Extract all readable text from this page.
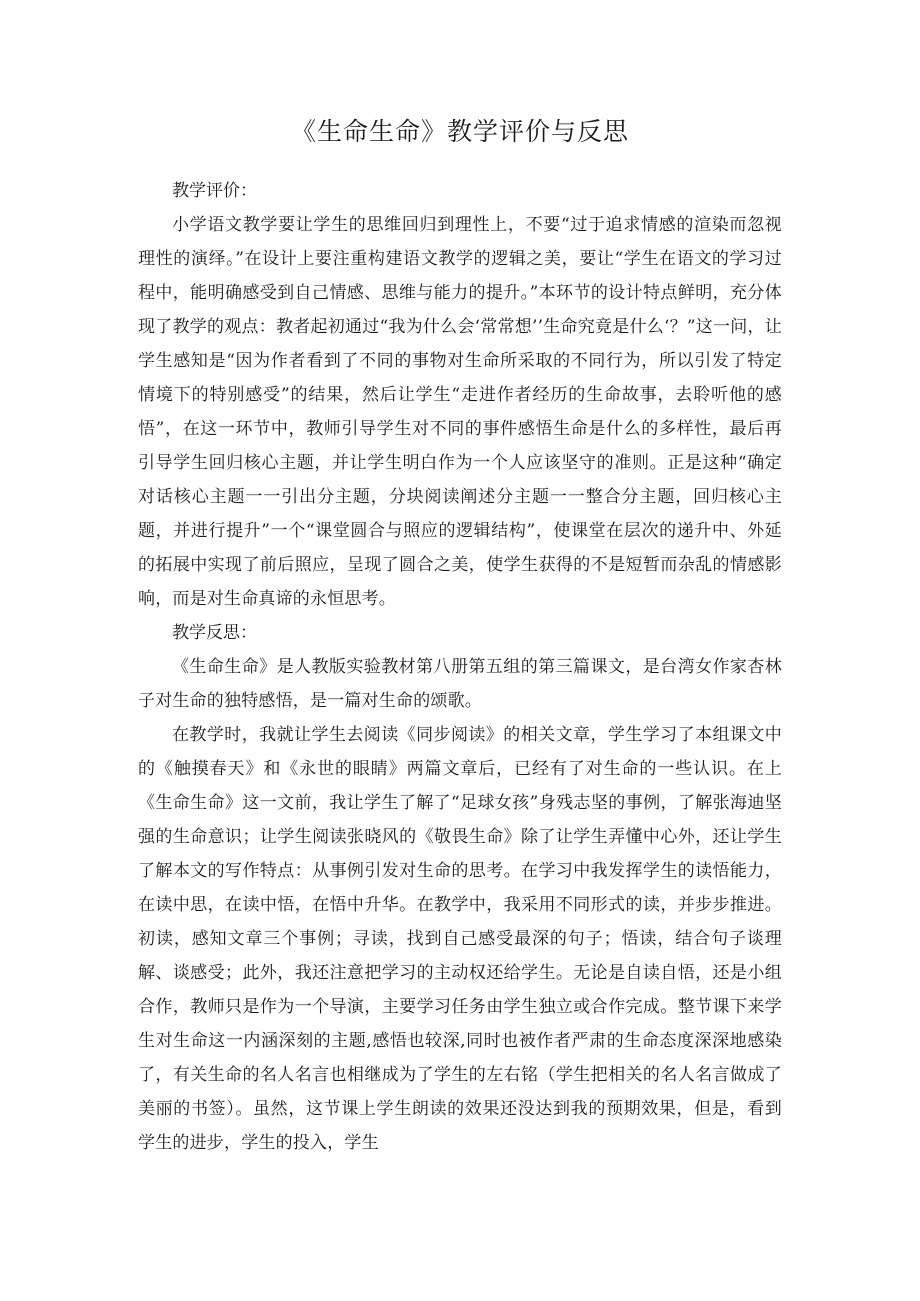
《生命生命》教学评价与反思

教学评价：

小学语文教学要让学生的思维回归到理性上，不要“过于追求情感的渲染而忽视理性的演绎。”在设计上要注重构建语文教学的逻辑之美，要让“学生在语文的学习过程中，能明确感受到自己情感、思维与能力的提升。”本环节的设计特点鲜明，充分体现了教学的观点：教者起初通过“我为什么会‘常常想’’生命究竟是什么‘？”这一问，让学生感知是“因为作者看到了不同的事物对生命所采取的不同行为，所以引发了特定情境下的特别感受”的结果，然后让学生“走进作者经历的生命故事，去聆听他的感悟”，在这一环节中，教师引导学生对不同的事件感悟生命是什么的多样性，最后再引导学生回归核心主题，并让学生明白作为一个人应该坚守的准则。正是这种“确定对话核心主题一一引出分主题，分块阅读阐述分主题一一整合分主题，回归核心主题，并进行提升”一个“课堂圆合与照应的逻辑结构”，使课堂在层次的递升中、外延的拓展中实现了前后照应，呈现了圆合之美，使学生获得的不是短暂而杂乱的情感影响，而是对生命真谛的永恒思考。

教学反思：

《生命生命》是人教版实验教材第八册第五组的第三篇课文，是台湾女作家杏林子对生命的独特感悟，是一篇对生命的颂歌。

在教学时，我就让学生去阅读《同步阅读》的相关文章，学生学习了本组课文中的《触摸春天》和《永世的眼睛》两篇文章后，已经有了对生命的一些认识。在上《生命生命》这一文前，我让学生了解了“足球女孩”身残志坚的事例，了解张海迪坚强的生命意识；让学生阅读张晓风的《敬畏生命》除了让学生弄懂中心外，还让学生了解本文的写作特点：从事例引发对生命的思考。在学习中我发挥学生的读悟能力，在读中思，在读中悟，在悟中升华。在教学中，我采用不同形式的读，并步步推进。初读，感知文章三个事例；寻读，找到自己感受最深的句子；悟读，结合句子谈理解、谈感受；此外，我还注意把学习的主动权还给学生。无论是自读自悟，还是小组合作，教师只是作为一个导演，主要学习任务由学生独立或合作完成。整节课下来学生对生命这一内涵深刻的主题,感悟也较深,同时也被作者严肃的生命态度深深地感染了，有关生命的名人名言也相继成为了学生的左右铭（学生把相关的名人名言做成了美丽的书签）。虽然，这节课上学生朗读的效果还没达到我的预期效果，但是，看到学生的进步，学生的投入，学生
